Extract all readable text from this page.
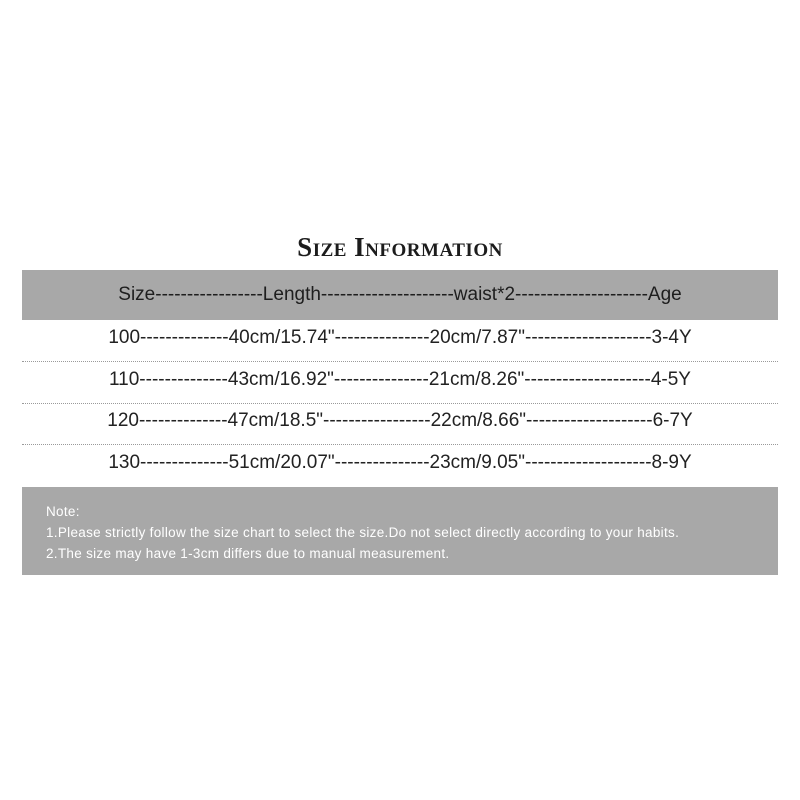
Size Information
Size-----------------Length---------------------waist*2---------------------Age
100--------------40cm/15.74"---------------20cm/7.87"--------------------3-4Y
110--------------43cm/16.92"---------------21cm/8.26"--------------------4-5Y
120--------------47cm/18.5"-----------------22cm/8.66"--------------------6-7Y
130--------------51cm/20.07"---------------23cm/9.05"--------------------8-9Y
Note:
1.Please strictly follow the size chart to select the size.Do not select directly according to your habits.
2.The size may have 1-3cm differs due to manual measurement.
